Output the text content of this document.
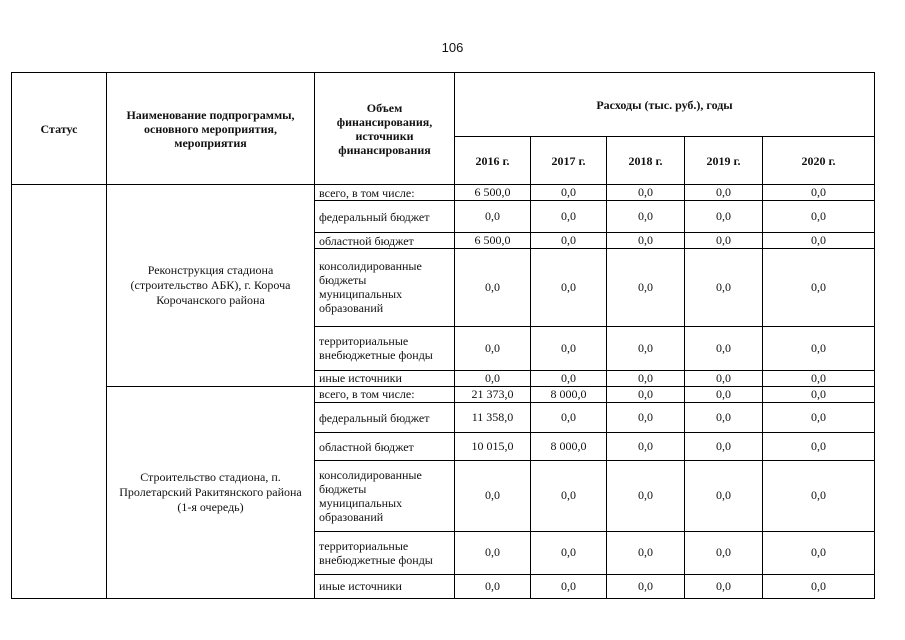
106
Статус	Наименование подпрограммы, основного мероприятия, мероприятия	Объем финансирования, источники финансирования	Расходы (тыс. руб.), годы				
			2016 г.	2017 г.	2018 г.	2019 г.	2020 г.
	Реконструкция стадиона (строительство АБК), г. Короча Корочанского района	всего, в том числе:	6 500,0	0,0	0,0	0,0	0,0
		федеральный бюджет	0,0	0,0	0,0	0,0	0,0
		областной бюджет	6 500,0	0,0	0,0	0,0	0,0
		консолидированные бюджеты муниципальных образований	0,0	0,0	0,0	0,0	0,0
		территориальные внебюджетные фонды	0,0	0,0	0,0	0,0	0,0
		иные источники	0,0	0,0	0,0	0,0	0,0
	Строительство стадиона, п. Пролетарский Ракитянского района (1-я очередь)	всего, в том числе:	21 373,0	8 000,0	0,0	0,0	0,0
		федеральный бюджет	11 358,0	0,0	0,0	0,0	0,0
		областной бюджет	10 015,0	8 000,0	0,0	0,0	0,0
		консолидированные бюджеты муниципальных образований	0,0	0,0	0,0	0,0	0,0
		территориальные внебюджетные фонды	0,0	0,0	0,0	0,0	0,0
		иные источники	0,0	0,0	0,0	0,0	0,0
